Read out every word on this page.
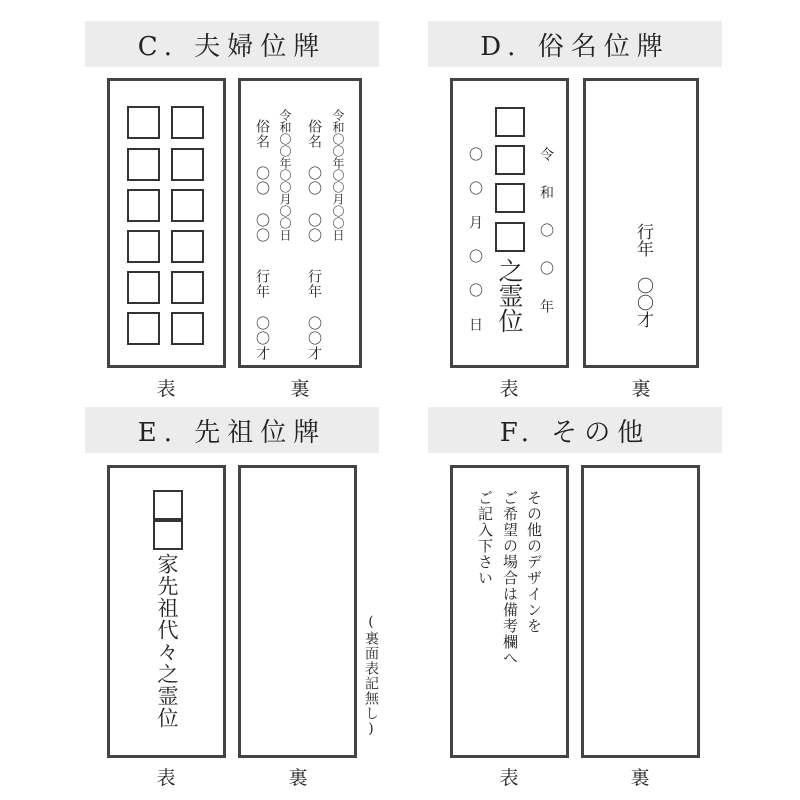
C. 夫婦位牌
表
令和〇〇年〇〇月〇〇日
俗名 〇〇 〇〇
行年 〇〇才
令和〇〇年〇〇月〇〇日
俗名 〇〇 〇〇
行年 〇〇才
裏
D. 俗名位牌
之霊位 令 和 〇 〇 年
〇 〇 月 〇 〇 日
表
行年 〇〇才
裏
E. 先祖位牌
家先祖代々之霊位
表
(裏面表記無し)
裏
F. その他
その他のデザインを
ご希望の場合は備考欄へ
ご記入下さい
表	裏
